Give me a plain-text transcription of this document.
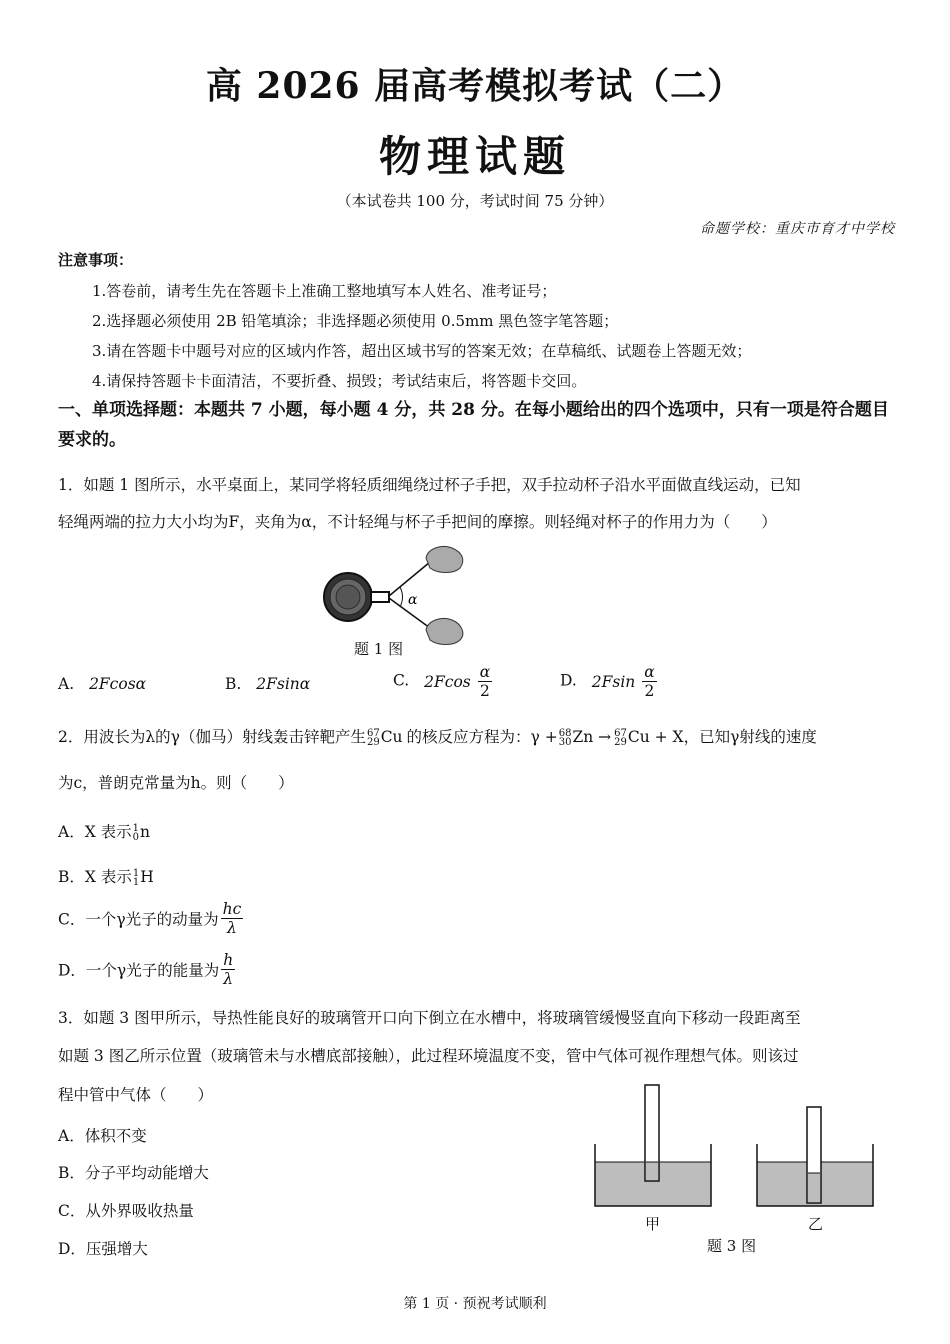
高 2026 届高考模拟考试（二）
物理试题
（本试卷共 100 分，考试时间 75 分钟）
命题学校：重庆市育才中学校
注意事项：
1.答卷前，请考生先在答题卡上准确工整地填写本人姓名、准考证号；
2.选择题必须使用 2B 铅笔填涂；非选择题必须使用 0.5mm 黑色签字笔答题；
3.请在答题卡中题号对应的区域内作答，超出区域书写的答案无效；在草稿纸、试题卷上答题无效；
4.请保持答题卡卡面清洁，不要折叠、损毁；考试结束后，将答题卡交回。
一、单项选择题：本题共 7 小题，每小题 4 分，共 28 分。在每小题给出的四个选项中，只有一项是符合题目要求的。
1．如题 1 图所示，水平桌面上，某同学将轻质细绳绕过杯子手把，双手拉动杯子沿水平面做直线运动，已知
轻绳两端的拉力大小均为F，夹角为α，不计轻绳与杯子手把间的摩擦。则轻绳对杯子的作用力为（　　）
α
题 1 图
A. 2Fcosα	B. 2Fsinα	C. $2Fcos \frac{\alpha}{2}$	D. $2Fsin \frac{\alpha}{2}$
2．用波长为λ的γ（伽马）射线轰击锌靶产生 67
29 Cu 的核反应方程为：γ + 68
30 Zn → 67
29 Cu + X，已知γ射线的速度
为c，普朗克常量为h。则（　　）
A．X 表示 1
0 n
B．X 表示 1
1 H
C．一个γ光子的动量为 $\frac{hc}{\lambda}$
D．一个γ光子的能量为 $\frac{h}{\lambda}$
3．如题 3 图甲所示，导热性能良好的玻璃管开口向下倒立在水槽中，将玻璃管缓慢竖直向下移动一段距离至
如题 3 图乙所示位置（玻璃管未与水槽底部接触），此过程环境温度不变，管中气体可视作理想气体。则该过
程中管中气体（　　）
A．体积不变
B．分子平均动能增大
C．从外界吸收热量
D．压强增大
甲	乙
题 3 图
第 1 页 · 预祝考试顺利
